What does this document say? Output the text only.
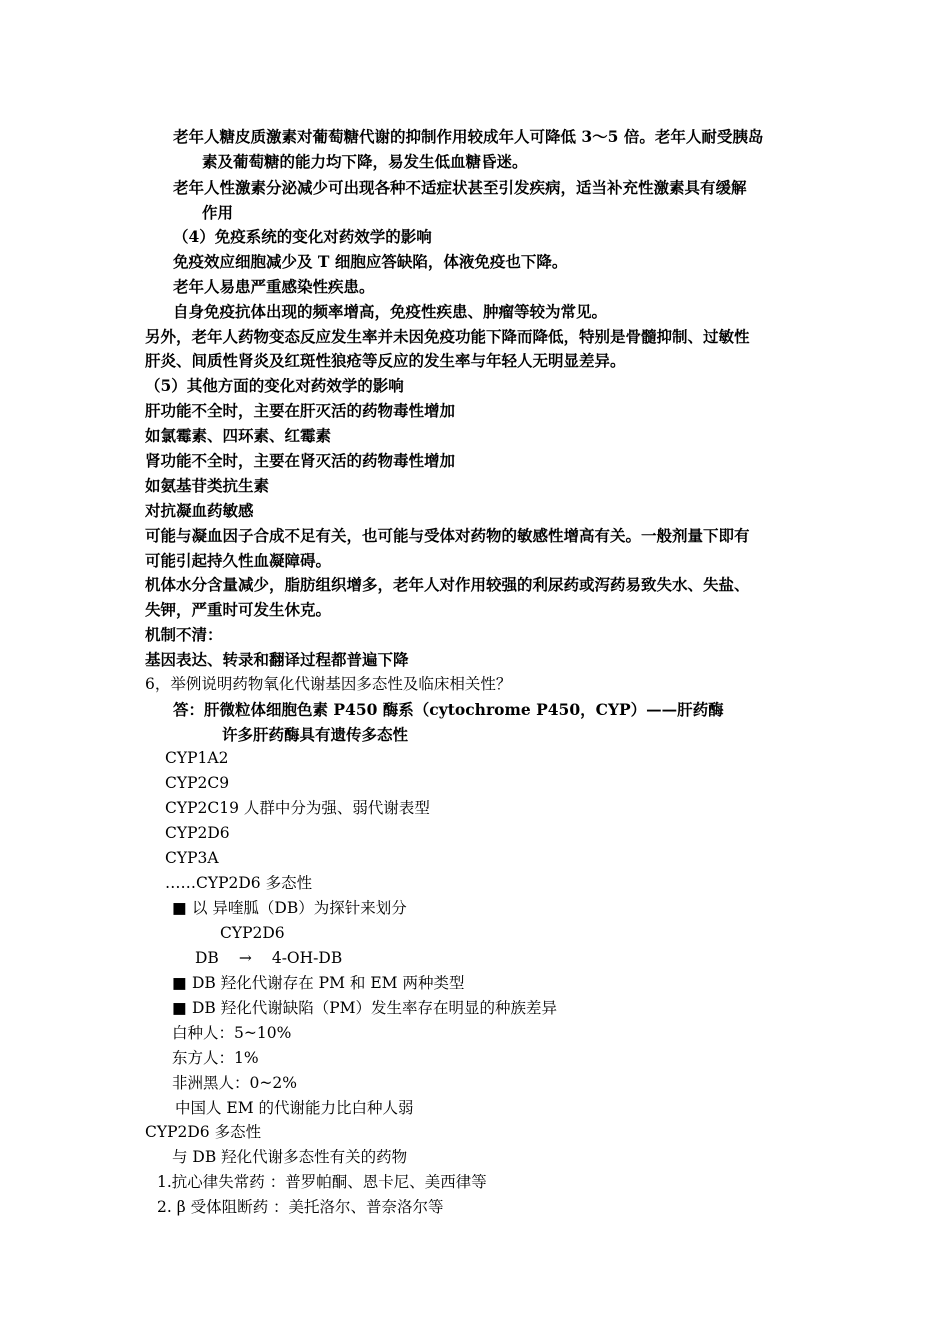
老年人糖皮质激素对葡萄糖代谢的抑制作用较成年人可降低 3～5 倍。老年人耐受胰岛
素及葡萄糖的能力均下降，易发生低血糖昏迷。
老年人性激素分泌减少可出现各种不适症状甚至引发疾病，适当补充性激素具有缓解
作用
（4）免疫系统的变化对药效学的影响
免疫效应细胞减少及 T 细胞应答缺陷，体液免疫也下降。
老年人易患严重感染性疾患。
自身免疫抗体出现的频率增高，免疫性疾患、肿瘤等较为常见。
另外，老年人药物变态反应发生率并未因免疫功能下降而降低，特别是骨髓抑制、过敏性
肝炎、间质性肾炎及红斑性狼疮等反应的发生率与年轻人无明显差异。
（5）其他方面的变化对药效学的影响
肝功能不全时，主要在肝灭活的药物毒性增加
如氯霉素、四环素、红霉素
肾功能不全时，主要在肾灭活的药物毒性增加
如氨基苷类抗生素
对抗凝血药敏感
可能与凝血因子合成不足有关，也可能与受体对药物的敏感性增高有关。一般剂量下即有
可能引起持久性血凝障碍。
机体水分含量减少，脂肪组织增多，老年人对作用较强的利尿药或泻药易致失水、失盐、
失钾，严重时可发生休克。
机制不清：
基因表达、转录和翻译过程都普遍下降
6，举例说明药物氧化代谢基因多态性及临床相关性？
答：肝微粒体细胞色素 P450 酶系（cytochrome P450，CYP）——肝药酶
许多肝药酶具有遗传多态性
CYP1A2
CYP2C9
CYP2C19 人群中分为强、弱代谢表型
CYP2D6
CYP3A
……CYP2D6 多态性
■ 以 异喹胍（DB）为探针来划分
CYP2D6
DB → 4-OH-DB
■ DB 羟化代谢存在 PM 和 EM 两种类型
■ DB 羟化代谢缺陷（PM）发生率存在明显的种族差异
白种人：5~10%
东方人：1%
非洲黑人：0~2%
中国人 EM 的代谢能力比白种人弱
CYP2D6 多态性
与 DB 羟化代谢多态性有关的药物
1.抗心律失常药 ：普罗帕酮、恩卡尼、美西律等
2. β 受体阻断药 ：美托洛尔、普奈洛尔等
